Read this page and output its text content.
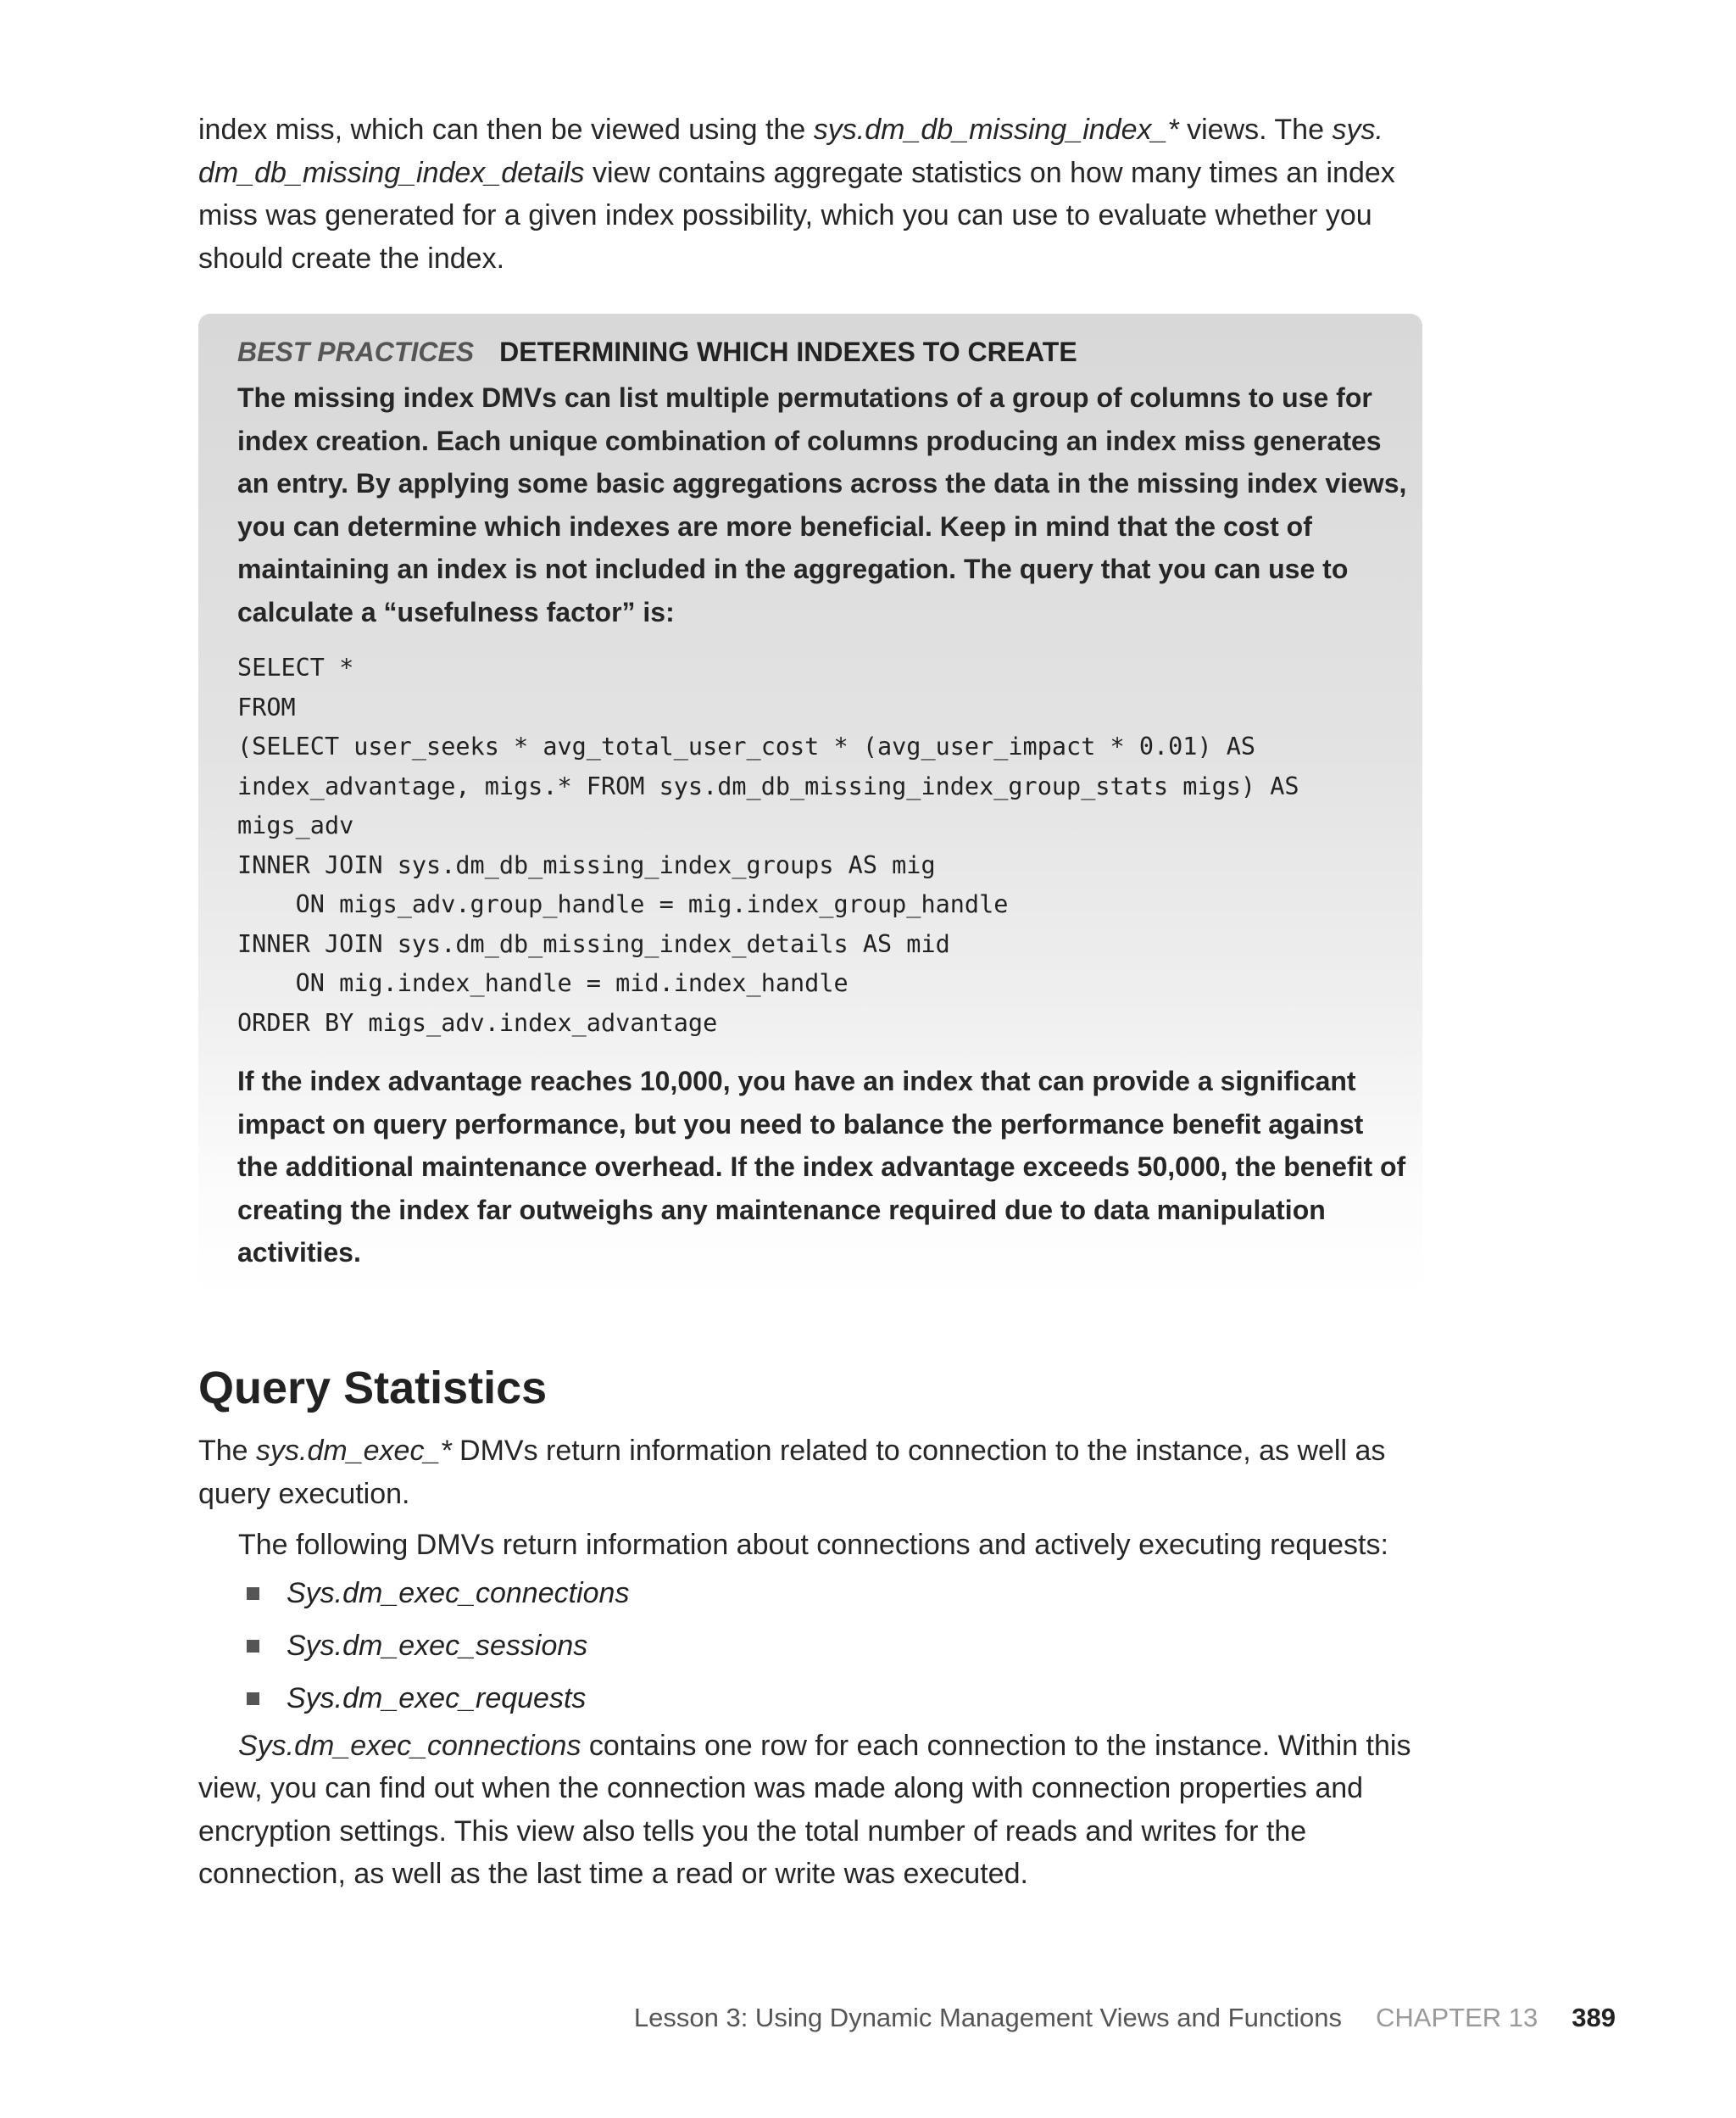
index miss, which can then be viewed using the sys.dm_db_missing_index_* views. The sys. dm_db_missing_index_details view contains aggregate statistics on how many times an index miss was generated for a given index possibility, which you can use to evaluate whether you should create the index.

BEST PRACTICES DETERMINING WHICH INDEXES TO CREATE

The missing index DMVs can list multiple permutations of a group of columns to use for index creation. Each unique combination of columns producing an index miss generates an entry. By applying some basic aggregations across the data in the missing index views, you can determine which indexes are more beneficial. Keep in mind that the cost of maintaining an index is not included in the aggregation. The query that you can use to calculate a “usefulness factor” is:

SELECT *
FROM
(SELECT user_seeks * avg_total_user_cost * (avg_user_impact * 0.01) AS
index_advantage, migs.* FROM sys.dm_db_missing_index_group_stats migs) AS
migs_adv
INNER JOIN sys.dm_db_missing_index_groups AS mig
ON migs_adv.group_handle = mig.index_group_handle
INNER JOIN sys.dm_db_missing_index_details AS mid
ON mig.index_handle = mid.index_handle
ORDER BY migs_adv.index_advantage

If the index advantage reaches 10,000, you have an index that can provide a significant impact on query performance, but you need to balance the performance benefit against the additional maintenance overhead. If the index advantage exceeds 50,000, the benefit of creating the index far outweighs any maintenance required due to data manipulation activities.

Query Statistics

The sys.dm_exec_* DMVs return information related to connection to the instance, as well as query execution.

The following DMVs return information about connections and actively executing requests:

Sys.dm_exec_connections
Sys.dm_exec_sessions
Sys.dm_exec_requests

Sys.dm_exec_connections contains one row for each connection to the instance. Within this view, you can find out when the connection was made along with connection properties and encryption settings. This view also tells you the total number of reads and writes for the connection, as well as the last time a read or write was executed.

Lesson 3: Using Dynamic Management Views and Functions CHAPTER 13 389
